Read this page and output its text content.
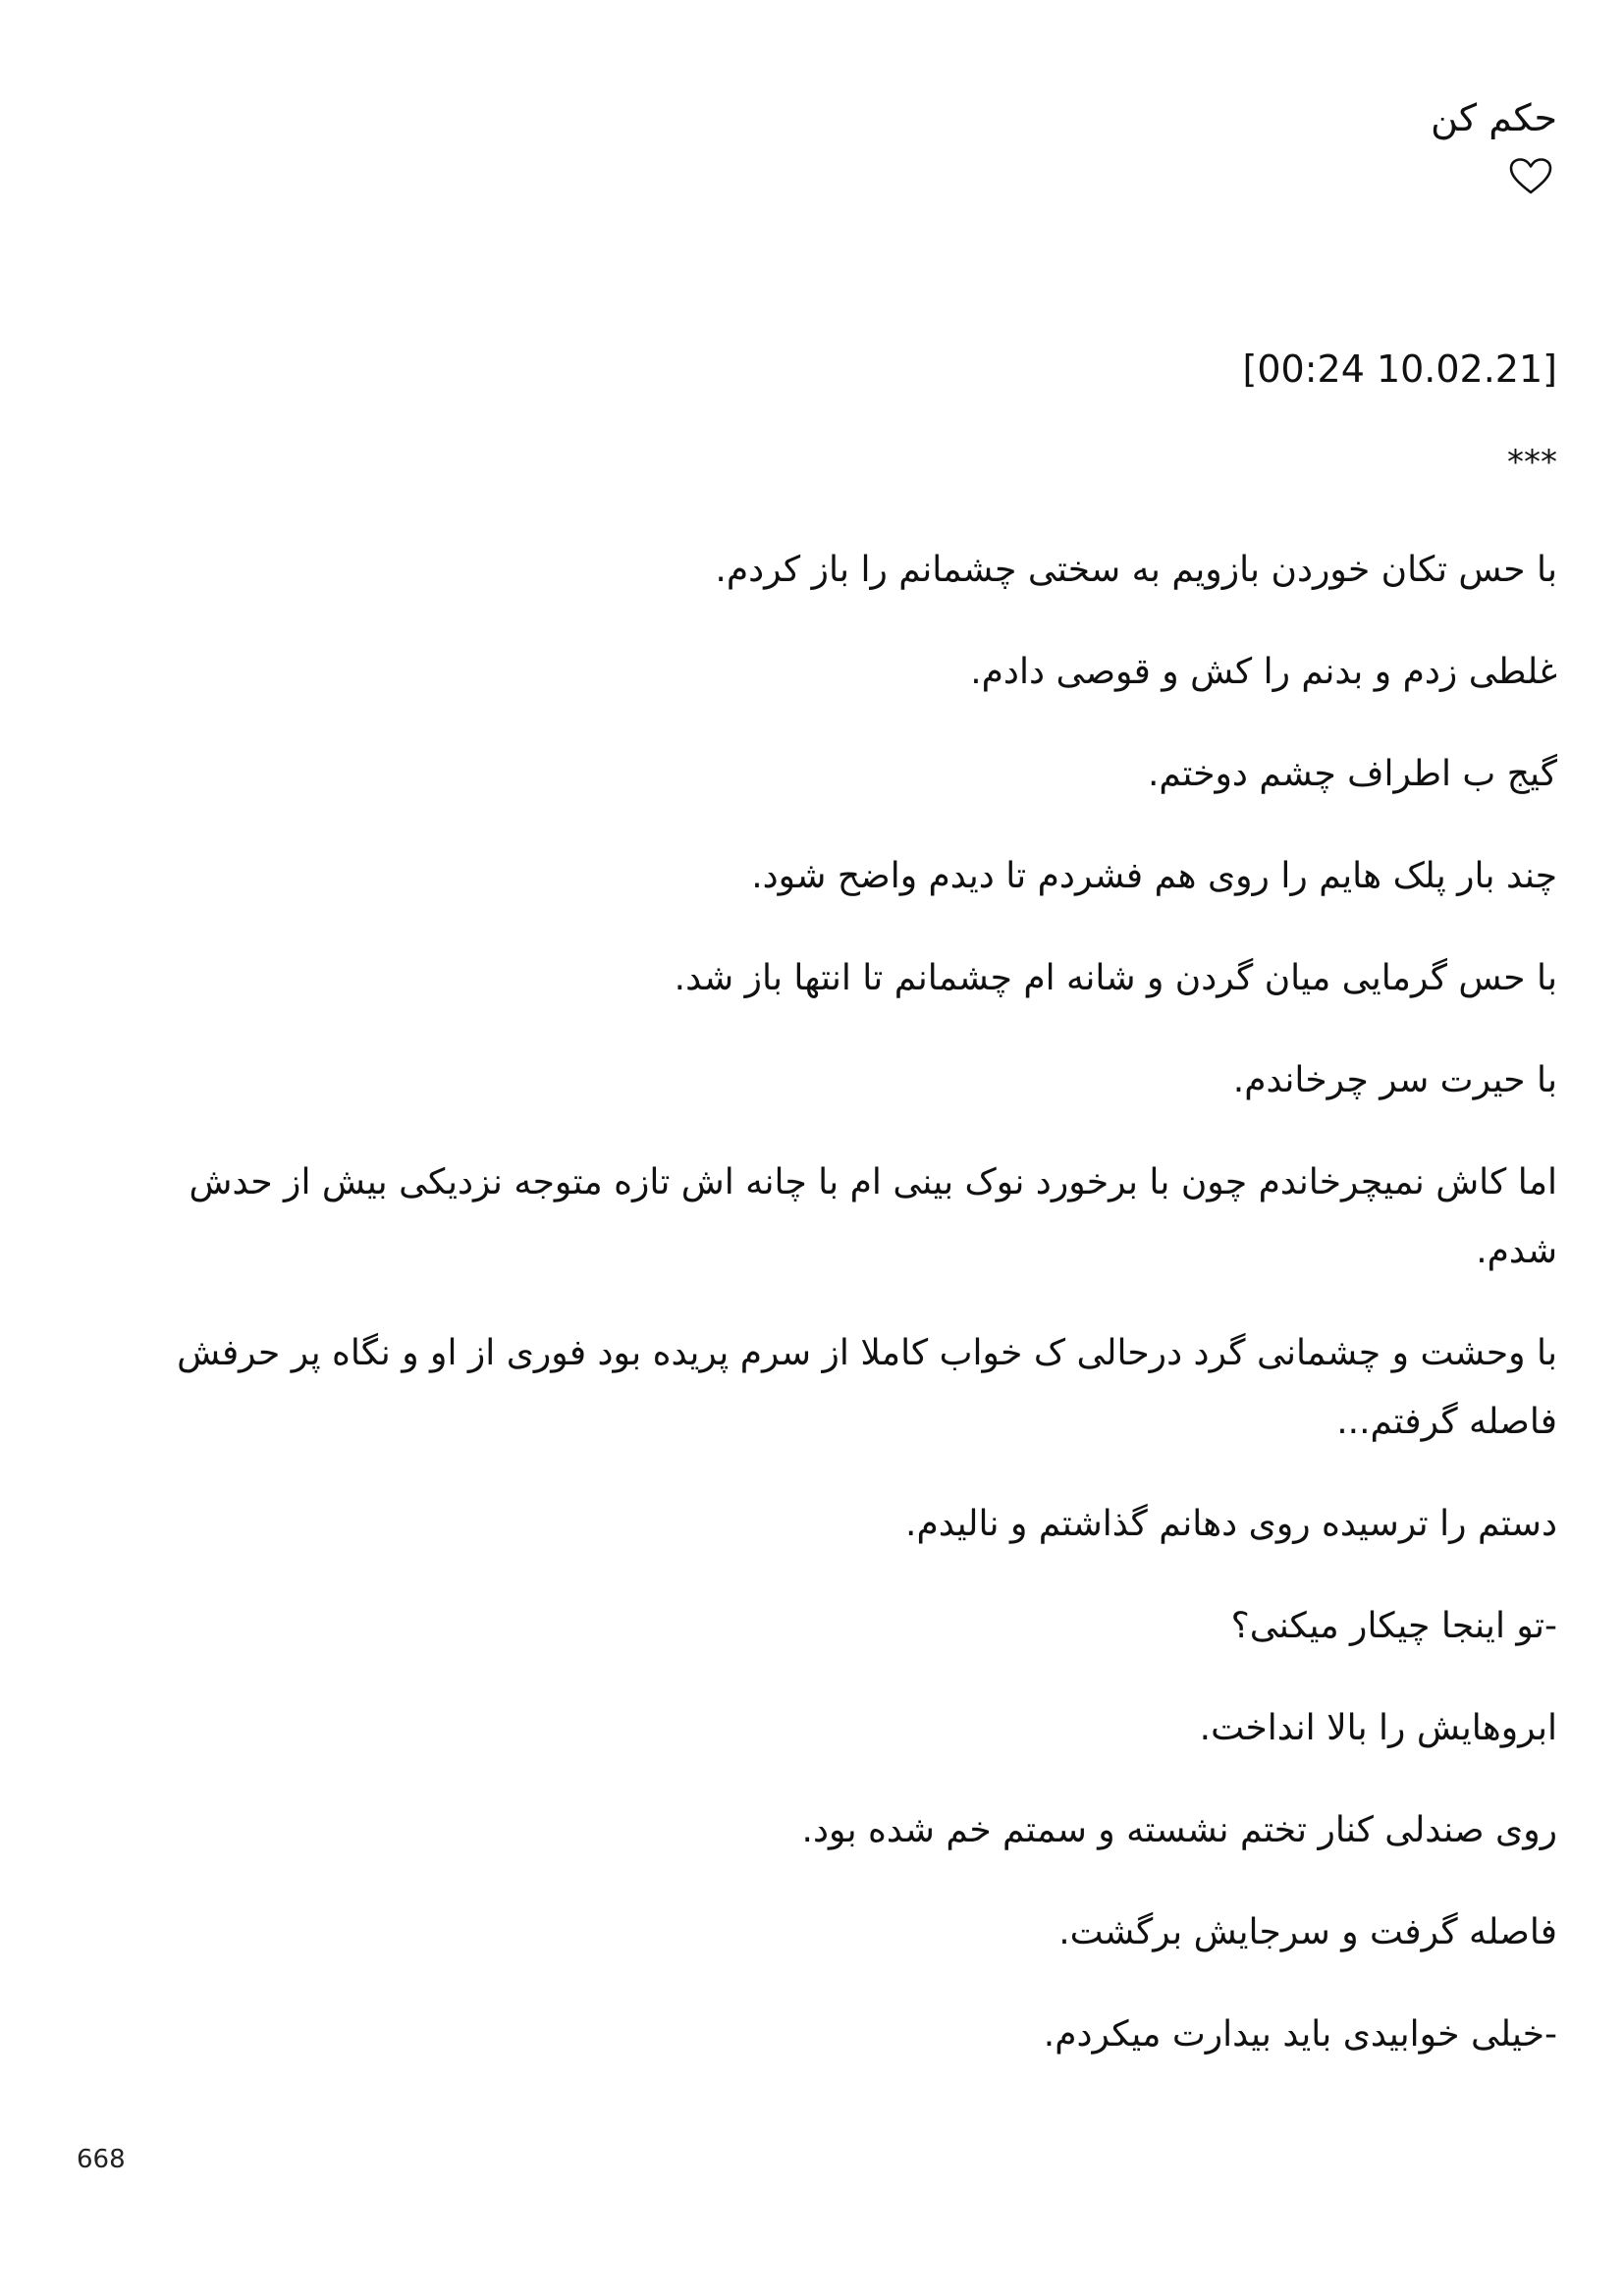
حکم کن

[00:24 10.02.21]

***

با حس تکان خوردن بازویم به سختی چشمانم را باز کردم.

غلطی زدم و بدنم را کش و قوصی دادم.

گیج ب اطراف چشم دوختم.

چند بار پلک هایم را روی هم فشردم تا دیدم واضح شود.

با حس گرمایی میان گردن و شانه ام چشمانم تا انتها باز شد.

با حیرت سر چرخاندم.

اما کاش نمیچرخاندم چون با برخورد نوک بینی ام با چانه اش تازه متوجه نزدیکی بیش از حدش شدم.

با وحشت و چشمانی گرد درحالی ک خواب کاملا از سرم پریده بود فوری از او و نگاه پر حرفش فاصله گرفتم...

دستم را ترسیده روی دهانم گذاشتم و نالیدم.

-تو اینجا چیکار میکنی؟

ابروهایش را بالا انداخت.

روی صندلی کنار تختم نشسته و سمتم خم شده بود.

فاصله گرفت و سرجایش برگشت.

-خیلی خوابیدی باید بیدارت میکردم.

668
